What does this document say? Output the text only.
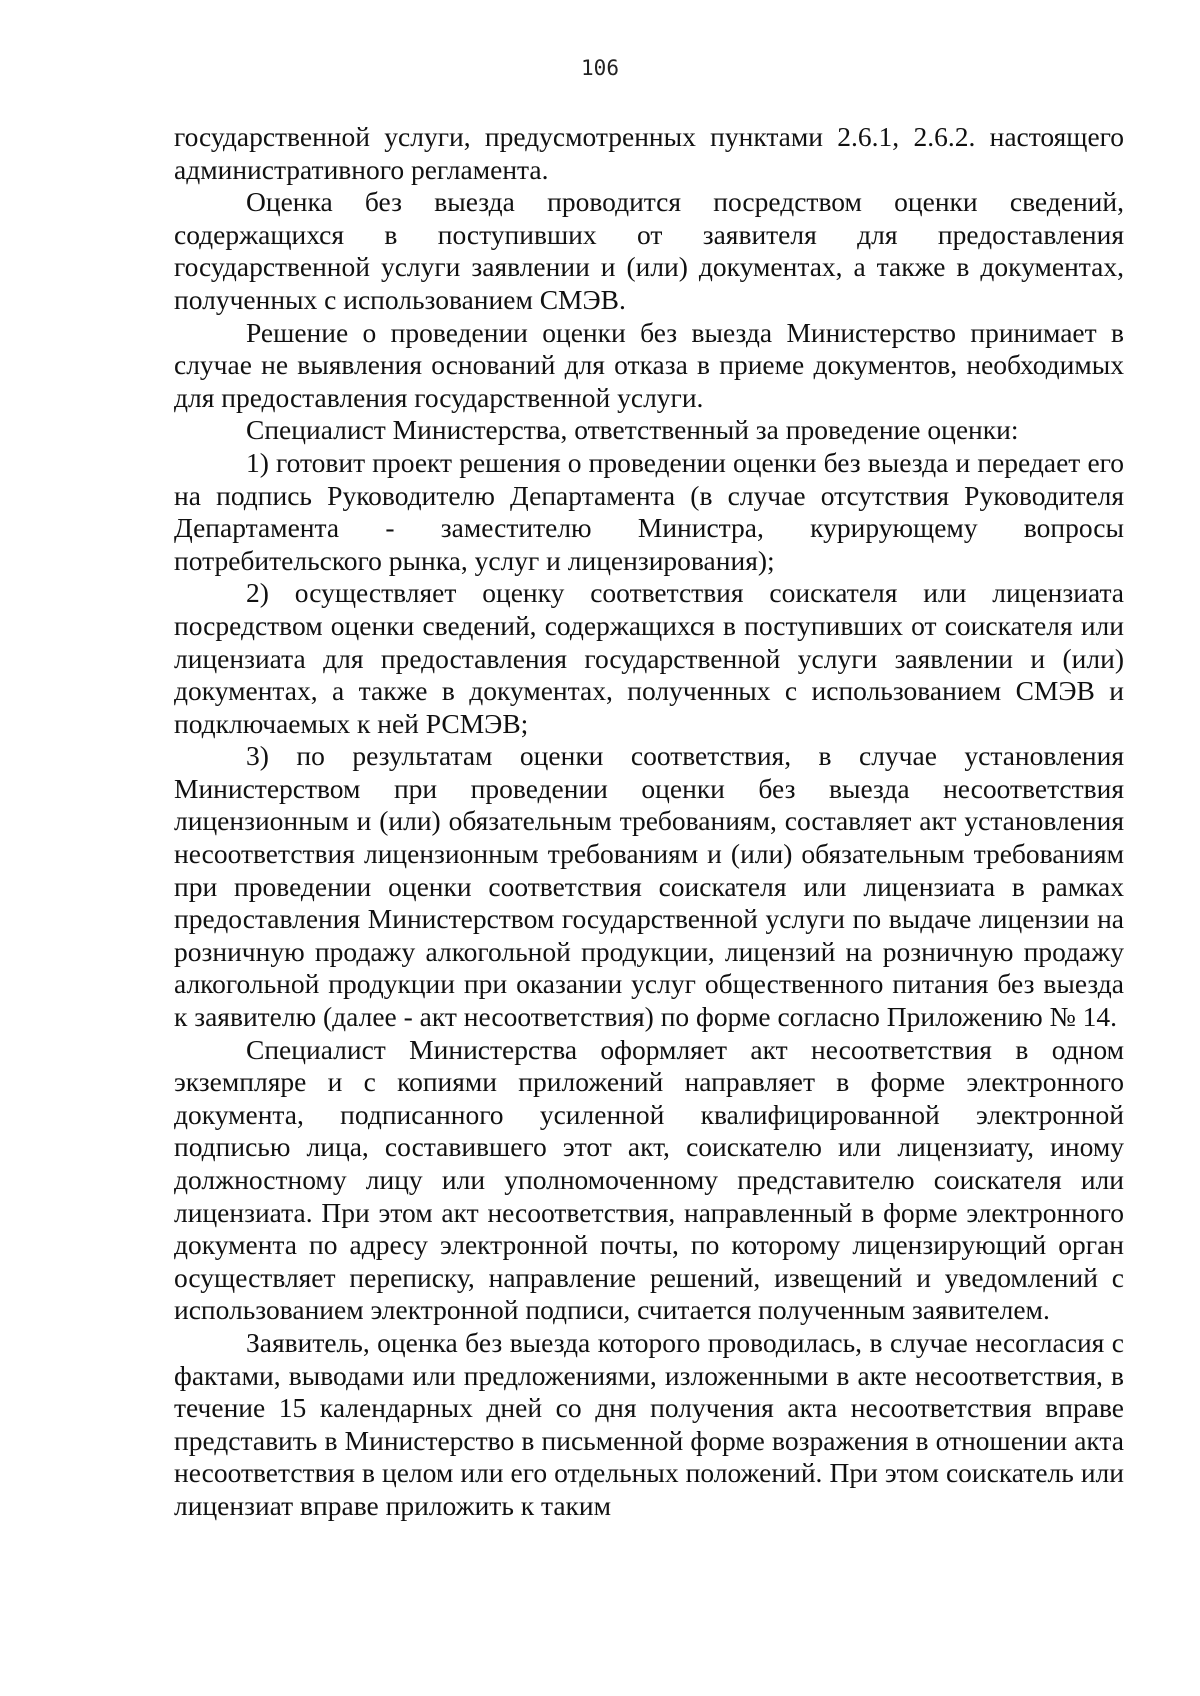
106

государственной услуги, предусмотренных пунктами 2.6.1, 2.6.2. настоящего административного регламента.

Оценка без выезда проводится посредством оценки сведений, содержащихся в поступивших от заявителя для предоставления государственной услуги заявлении и (или) документах, а также в документах, полученных с использованием СМЭВ.

Решение о проведении оценки без выезда Министерство принимает в случае не выявления оснований для отказа в приеме документов, необходимых для предоставления государственной услуги.

Специалист Министерства, ответственный за проведение оценки:

1) готовит проект решения о проведении оценки без выезда и передает его на подпись Руководителю Департамента (в случае отсутствия Руководителя Департамента - заместителю Министра, курирующему вопросы потребительского рынка, услуг и лицензирования);

2) осуществляет оценку соответствия соискателя или лицензиата посредством оценки сведений, содержащихся в поступивших от соискателя или лицензиата для предоставления государственной услуги заявлении и (или) документах, а также в документах, полученных с использованием СМЭВ и подключаемых к ней РСМЭВ;

3) по результатам оценки соответствия, в случае установления Министерством при проведении оценки без выезда несоответствия лицензионным и (или) обязательным требованиям, составляет акт установления несоответствия лицензионным требованиям и (или) обязательным требованиям при проведении оценки соответствия соискателя или лицензиата в рамках предоставления Министерством государственной услуги по выдаче лицензии на розничную продажу алкогольной продукции, лицензий на розничную продажу алкогольной продукции при оказании услуг общественного питания без выезда к заявителю (далее - акт несоответствия) по форме согласно Приложению № 14.

Специалист Министерства оформляет акт несоответствия в одном экземпляре и с копиями приложений направляет в форме электронного документа, подписанного усиленной квалифицированной электронной подписью лица, составившего этот акт, соискателю или лицензиату, иному должностному лицу или уполномоченному представителю соискателя или лицензиата. При этом акт несоответствия, направленный в форме электронного документа по адресу электронной почты, по которому лицензирующий орган осуществляет переписку, направление решений, извещений и уведомлений с использованием электронной подписи, считается полученным заявителем.

Заявитель, оценка без выезда которого проводилась, в случае несогласия с фактами, выводами или предложениями, изложенными в акте несоответствия, в течение 15 календарных дней со дня получения акта несоответствия вправе представить в Министерство в письменной форме возражения в отношении акта несоответствия в целом или его отдельных положений. При этом соискатель или лицензиат вправе приложить к таким
